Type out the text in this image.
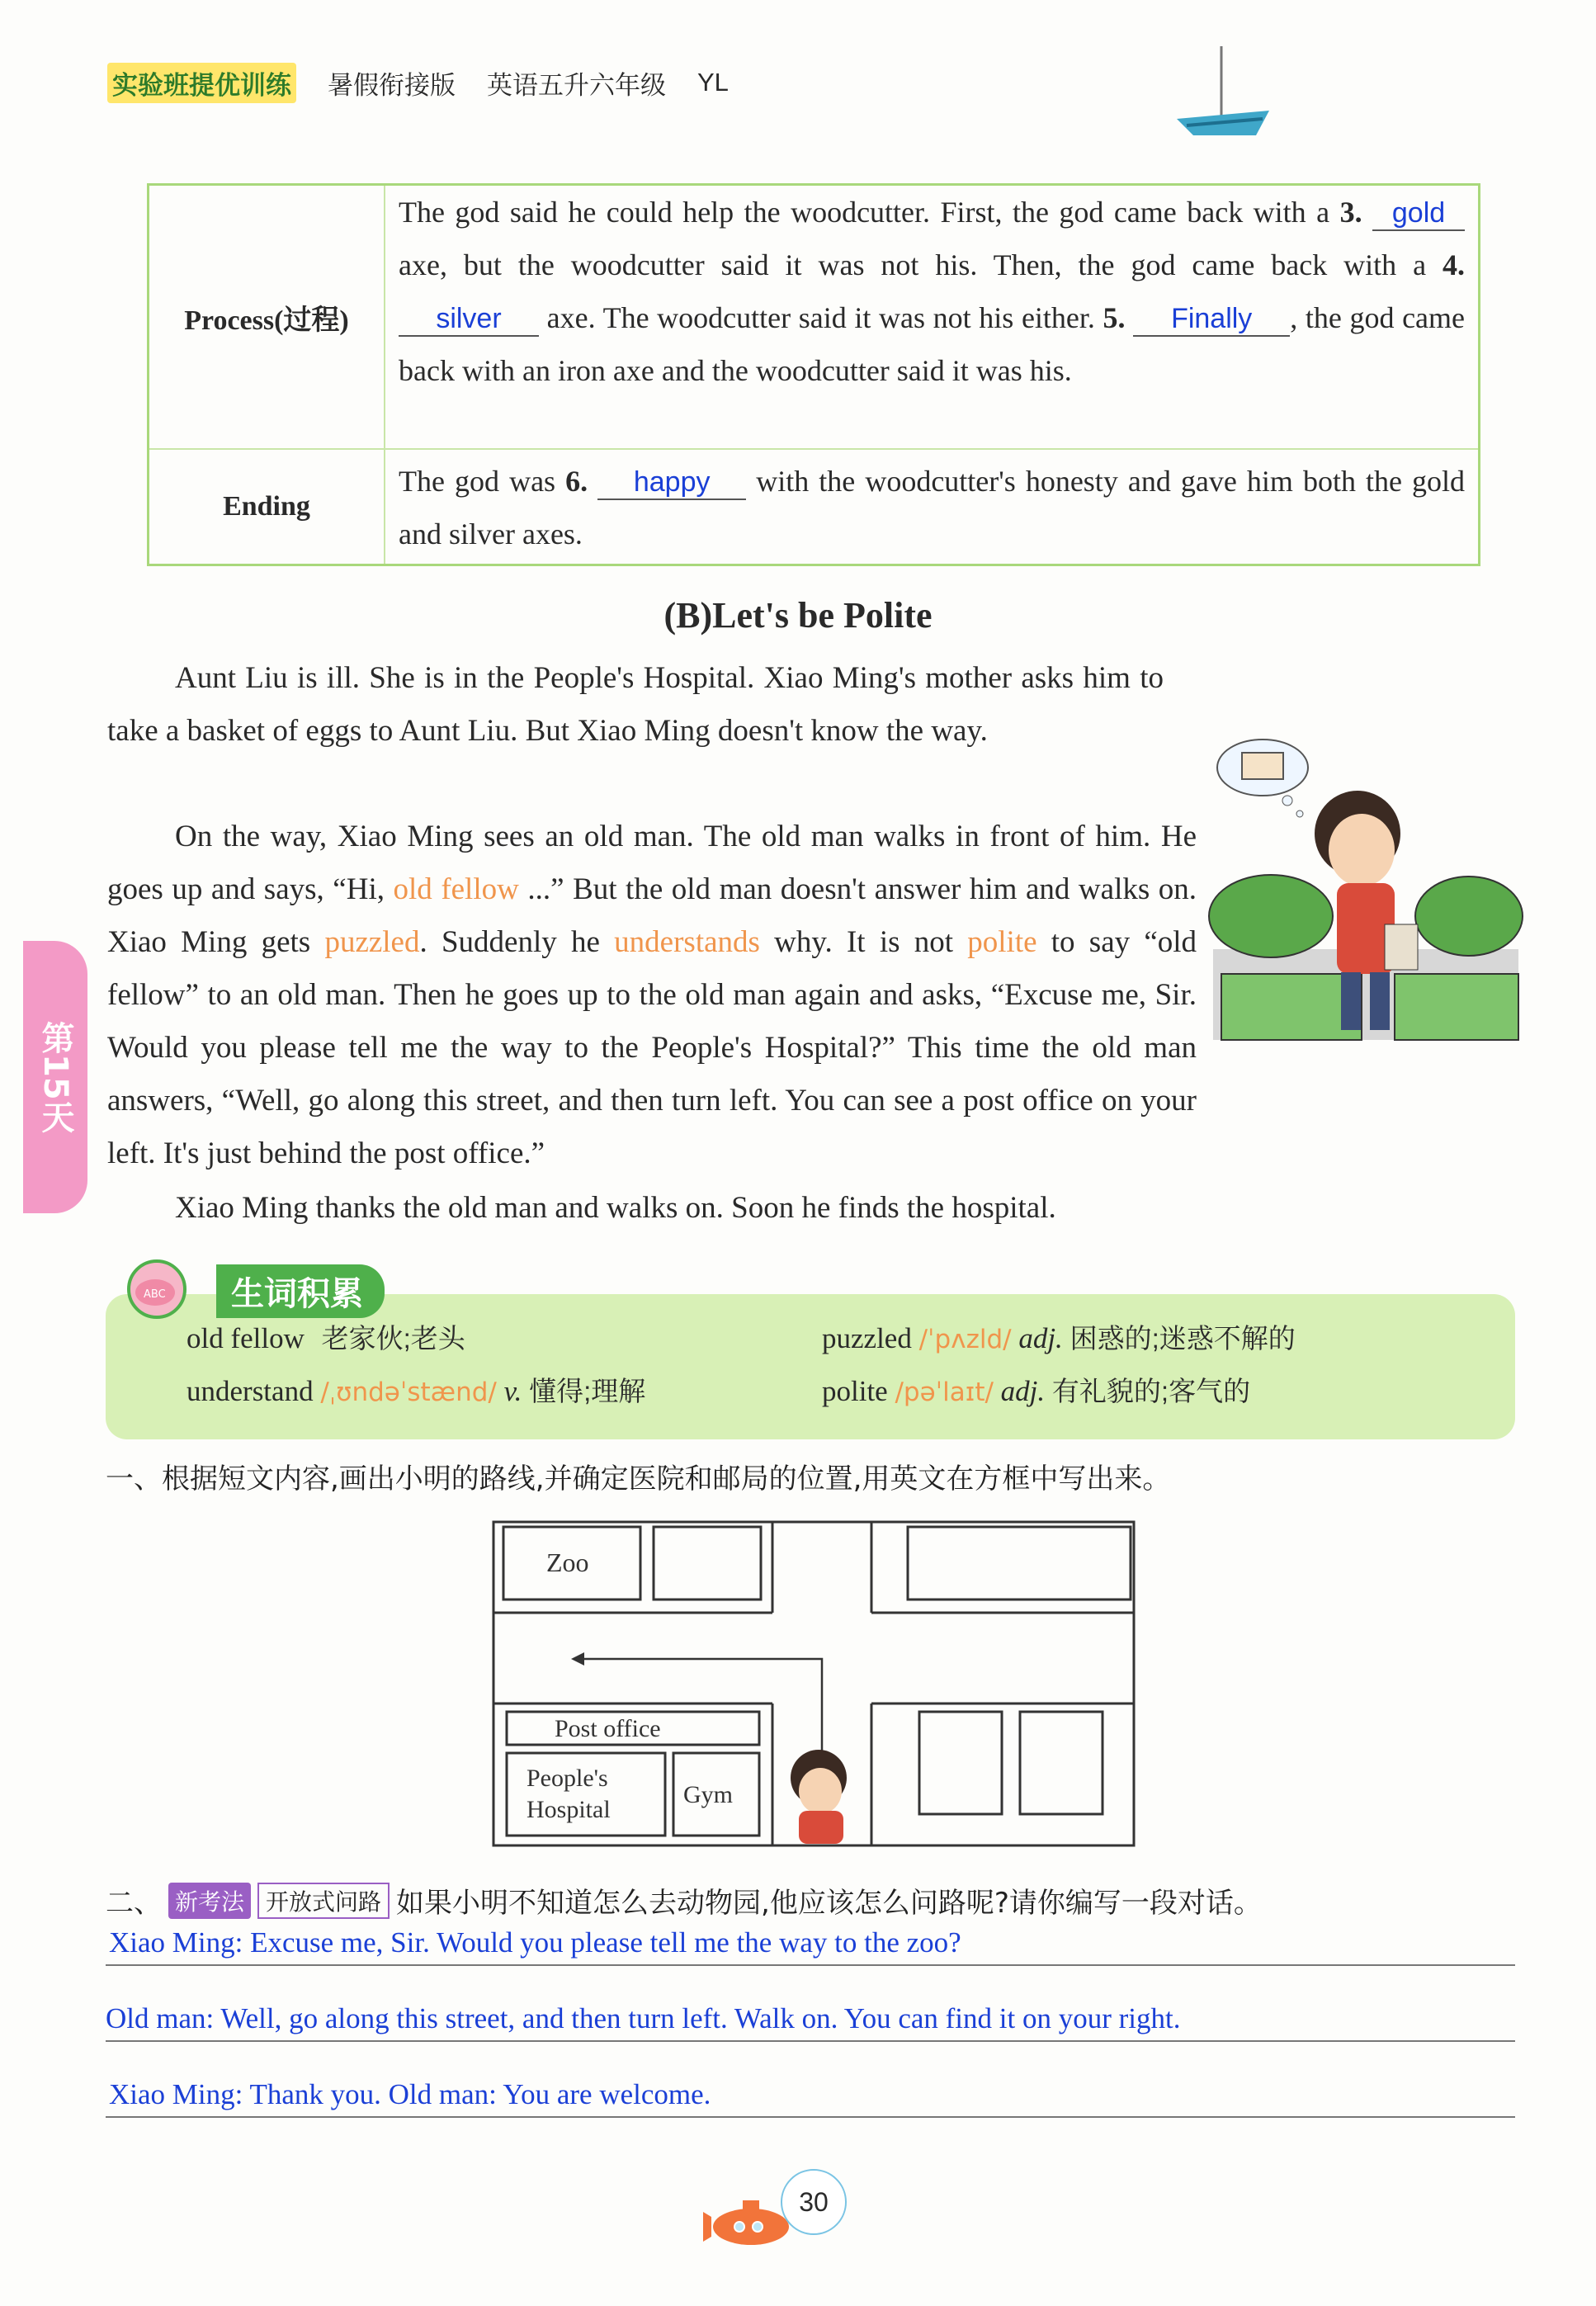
实验班提优训练 暑假衔接版 英语五升六年级 YL
Process(过程)
The god said he could help the woodcutter. First, the god came back with a 3. gold axe, but the woodcutter said it was not his. Then, the god came back with a 4. silver axe. The woodcutter said it was not his either. 5. Finally , the god came back with an iron axe and the woodcutter said it was his.
Ending
The god was 6. happy with the woodcutter's honesty and gave him both the gold and silver axes.
(B)Let's be Polite
Aunt Liu is ill. She is in the People's Hospital. Xiao Ming's mother asks him to take a basket of eggs to Aunt Liu. But Xiao Ming doesn't know the way.
On the way, Xiao Ming sees an old man. The old man walks in front of him. He goes up and says, “Hi, old fellow ...” But the old man doesn't answer him and walks on. Xiao Ming gets puzzled. Suddenly he understands why. It is not polite to say “old fellow” to an old man. Then he goes up to the old man again and asks, “Excuse me, Sir. Would you please tell me the way to the People's Hospital?” This time the old man answers, “Well, go along this street, and then turn left. You can see a post office on your left. It's just behind the post office.”
Xiao Ming thanks the old man and walks on. Soon he finds the hospital.
第15天
old fellow 老家伙;老头	puzzled /ˈpʌzld/ adj. 困惑的;迷惑不解的
understand /ˌʊndəˈstænd/ v. 懂得;理解	polite /pəˈlaɪt/ adj. 有礼貌的;客气的
ABC	生词积累
一、根据短文内容,画出小明的路线,并确定医院和邮局的位置,用英文在方框中写出来。
Zoo
Post office
People's
Hospital
Gym
二、 新考法 开放式问路 如果小明不知道怎么去动物园,他应该怎么问路呢?请你编写一段对话。
Xiao Ming: Excuse me, Sir. Would you please tell me the way to the zoo?
Old man: Well, go along this street, and then turn left. Walk on. You can find it on your right.
Xiao Ming: Thank you. Old man: You are welcome.
30
